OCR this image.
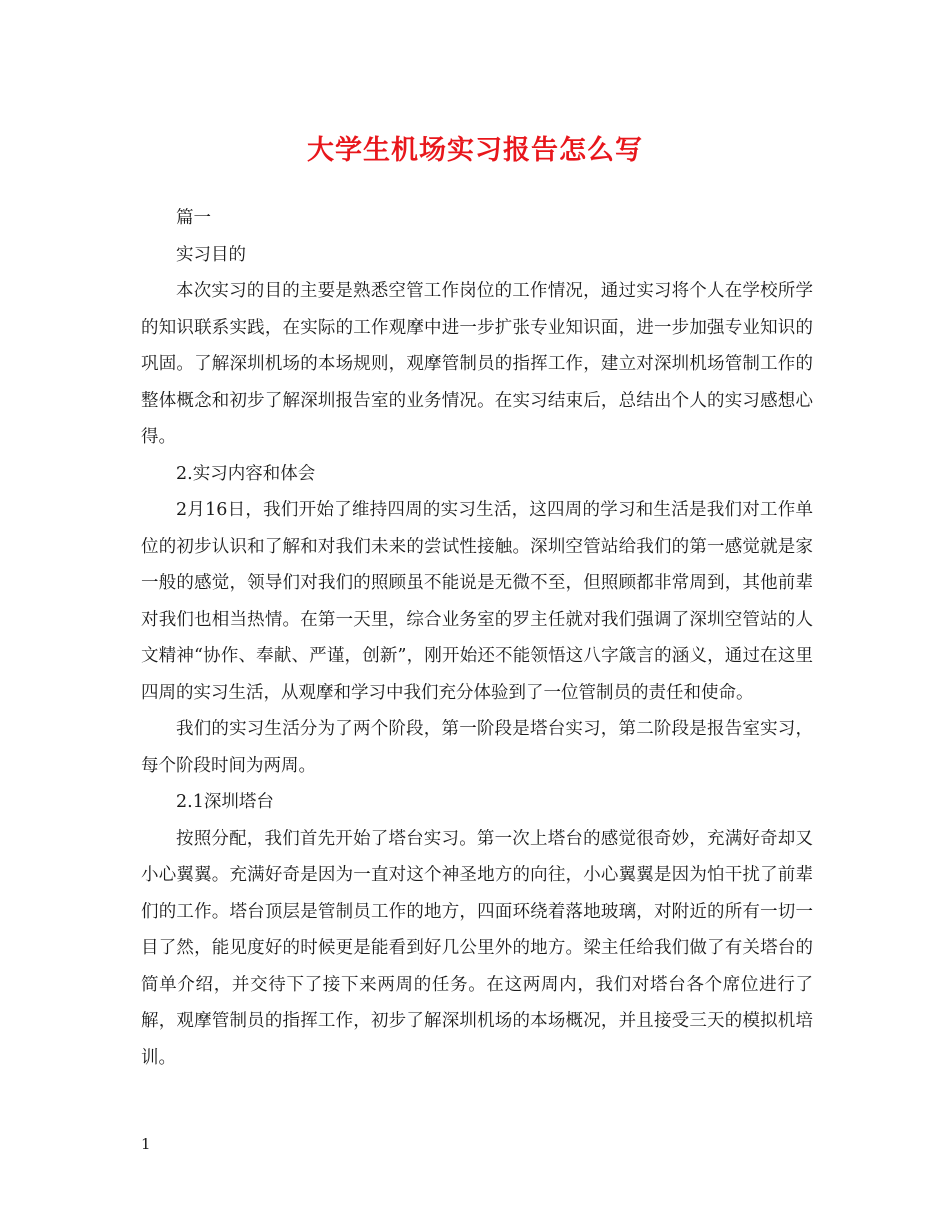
大学生机场实习报告怎么写

篇一

实习目的

本次实习的目的主要是熟悉空管工作岗位的工作情况，通过实习将个人在学校所学的知识联系实践，在实际的工作观摩中进一步扩张专业知识面，进一步加强专业知识的巩固。了解深圳机场的本场规则，观摩管制员的指挥工作，建立对深圳机场管制工作的整体概念和初步了解深圳报告室的业务情况。在实习结束后，总结出个人的实习感想心得。

2.实习内容和体会

2月16日，我们开始了维持四周的实习生活，这四周的学习和生活是我们对工作单位的初步认识和了解和对我们未来的尝试性接触。深圳空管站给我们的第一感觉就是家一般的感觉，领导们对我们的照顾虽不能说是无微不至，但照顾都非常周到，其他前辈对我们也相当热情。在第一天里，综合业务室的罗主任就对我们强调了深圳空管站的人文精神“协作、奉献、严谨，创新”，刚开始还不能领悟这八字箴言的涵义，通过在这里四周的实习生活，从观摩和学习中我们充分体验到了一位管制员的责任和使命。

我们的实习生活分为了两个阶段，第一阶段是塔台实习，第二阶段是报告室实习，每个阶段时间为两周。

2.1深圳塔台

按照分配，我们首先开始了塔台实习。第一次上塔台的感觉很奇妙，充满好奇却又小心翼翼。充满好奇是因为一直对这个神圣地方的向往，小心翼翼是因为怕干扰了前辈们的工作。塔台顶层是管制员工作的地方，四面环绕着落地玻璃，对附近的所有一切一目了然，能见度好的时候更是能看到好几公里外的地方。梁主任给我们做了有关塔台的简单介绍，并交待下了接下来两周的任务。在这两周内，我们对塔台各个席位进行了解，观摩管制员的指挥工作，初步了解深圳机场的本场概况，并且接受三天的模拟机培训。

1
